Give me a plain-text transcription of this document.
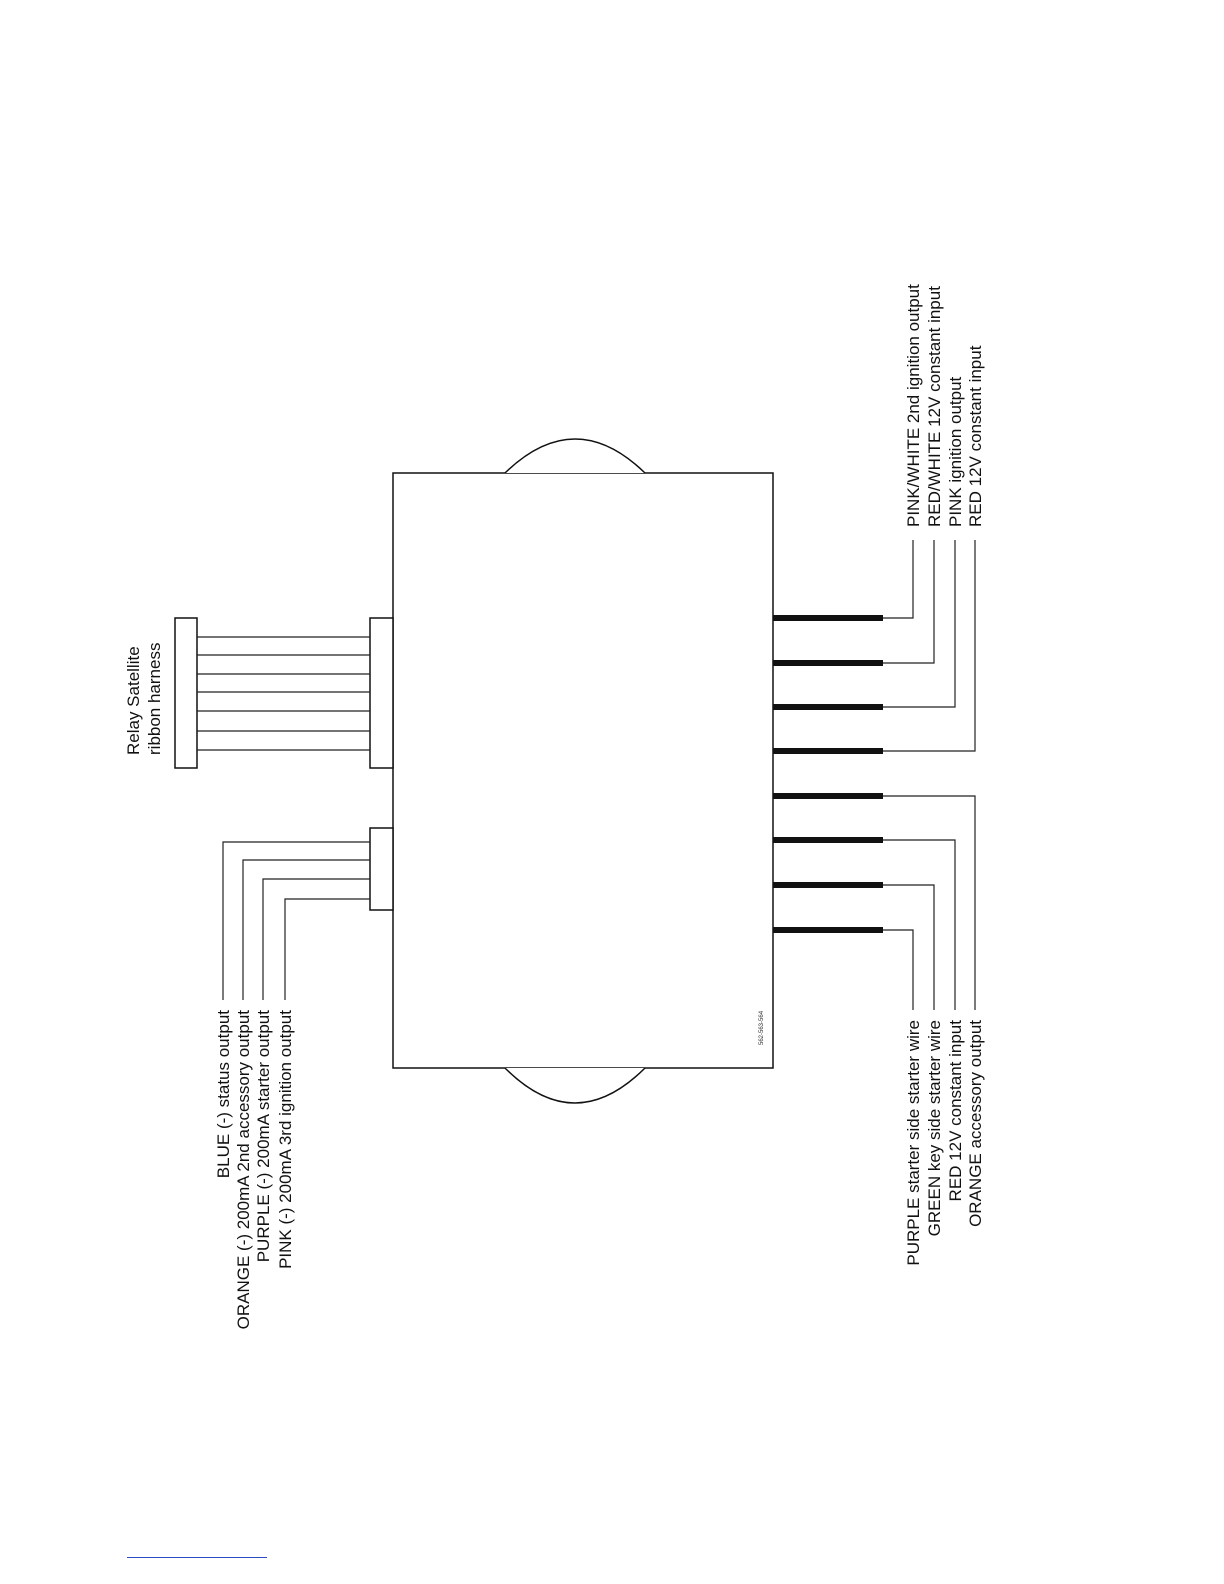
562-563-564
Relay Satellite ribbon harness
BLUE (-) status output ORANGE (-) 200mA 2nd accessory output PURPLE (-) 200mA starter output PINK (-) 200mA 3rd ignition output
PINK/WHITE 2nd ignition output RED/WHITE 12V constant input PINK ignition output RED 12V constant input
PURPLE starter side starter wire GREEN key side starter wire RED 12V constant input ORANGE accessory output
